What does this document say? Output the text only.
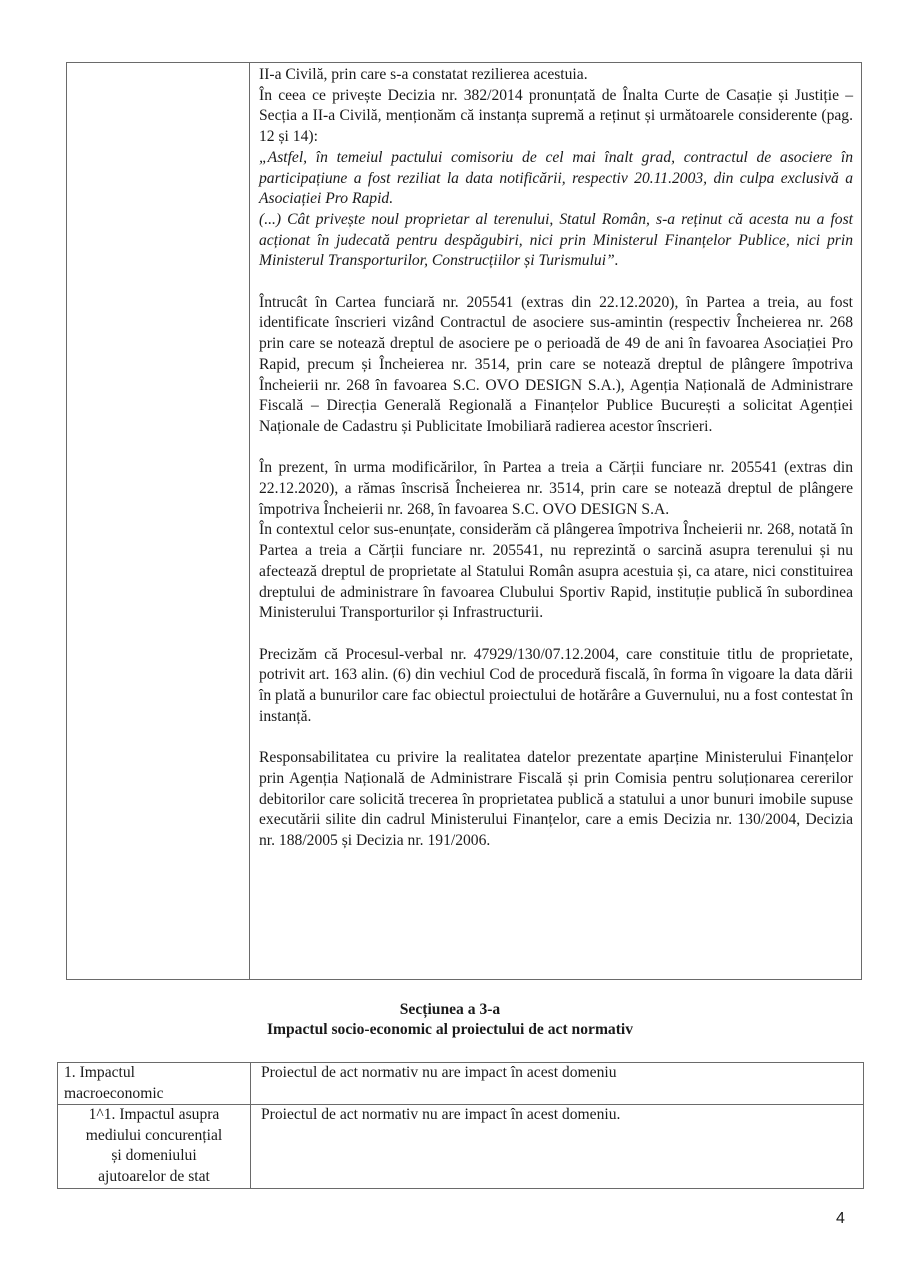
II-a Civilă, prin care s-a constatat rezilierea acestuia.
În ceea ce privește Decizia nr. 382/2014 pronunțată de Înalta Curte de Casație și Justiție – Secția a II-a Civilă, menționăm că instanța supremă a reținut și următoarele considerente (pag. 12 și 14):
„Astfel, în temeiul pactului comisoriu de cel mai înalt grad, contractul de asociere în participațiune a fost reziliat la data notificării, respectiv 20.11.2003, din culpa exclusivă a Asociației Pro Rapid.
(...) Cât privește noul proprietar al terenului, Statul Român, s-a reținut că acesta nu a fost acționat în judecată pentru despăgubiri, nici prin Ministerul Finanțelor Publice, nici prin Ministerul Transporturilor, Construcțiilor și Turismului”.

Întrucât în Cartea funciară nr. 205541 (extras din 22.12.2020), în Partea a treia, au fost identificate înscrieri vizând Contractul de asociere sus-amintin (respectiv Încheierea nr. 268 prin care se notează dreptul de asociere pe o perioadă de 49 de ani în favoarea Asociației Pro Rapid, precum și Încheierea nr. 3514, prin care se notează dreptul de plângere împotriva Încheierii nr. 268 în favoarea S.C. OVO DESIGN S.A.), Agenția Națională de Administrare Fiscală – Direcția Generală Regională a Finanțelor Publice București a solicitat Agenției Naționale de Cadastru și Publicitate Imobiliară radierea acestor înscrieri.

În prezent, în urma modificărilor, în Partea a treia a Cărții funciare nr. 205541 (extras din 22.12.2020), a rămas înscrisă Încheierea nr. 3514, prin care se notează dreptul de plângere împotriva Încheierii nr. 268, în favoarea S.C. OVO DESIGN S.A.
În contextul celor sus-enunțate, considerăm că plângerea împotriva Încheierii nr. 268, notată în Partea a treia a Cărții funciare nr. 205541, nu reprezintă o sarcină asupra terenului și nu afectează dreptul de proprietate al Statului Român asupra acestuia și, ca atare, nici constituirea dreptului de administrare în favoarea Clubului Sportiv Rapid, instituție publică în subordinea Ministerului Transporturilor și Infrastructurii.

Precizăm că Procesul-verbal nr. 47929/130/07.12.2004, care constituie titlu de proprietate, potrivit art. 163 alin. (6) din vechiul Cod de procedură fiscală, în forma în vigoare la data dării în plată a bunurilor care fac obiectul proiectului de hotărâre a Guvernului, nu a fost contestat în instanță.

Responsabilitatea cu privire la realitatea datelor prezentate aparține Ministerului Finanțelor prin Agenția Națională de Administrare Fiscală și prin Comisia pentru soluționarea cererilor debitorilor care solicită trecerea în proprietatea publică a statului a unor bunuri imobile supuse executării silite din cadrul Ministerului Finanțelor, care a emis Decizia nr. 130/2004, Decizia nr. 188/2005 și Decizia nr. 191/2006.

Secțiunea a 3-a
Impactul socio-economic al proiectului de act normativ
1. Impactul
macroeconomic
Proiectul de act normativ nu are impact în acest domeniu
1^1. Impactul asupra
mediului concurențial
și domeniului
ajutoarelor de stat
Proiectul de act normativ nu are impact în acest domeniu.
4
